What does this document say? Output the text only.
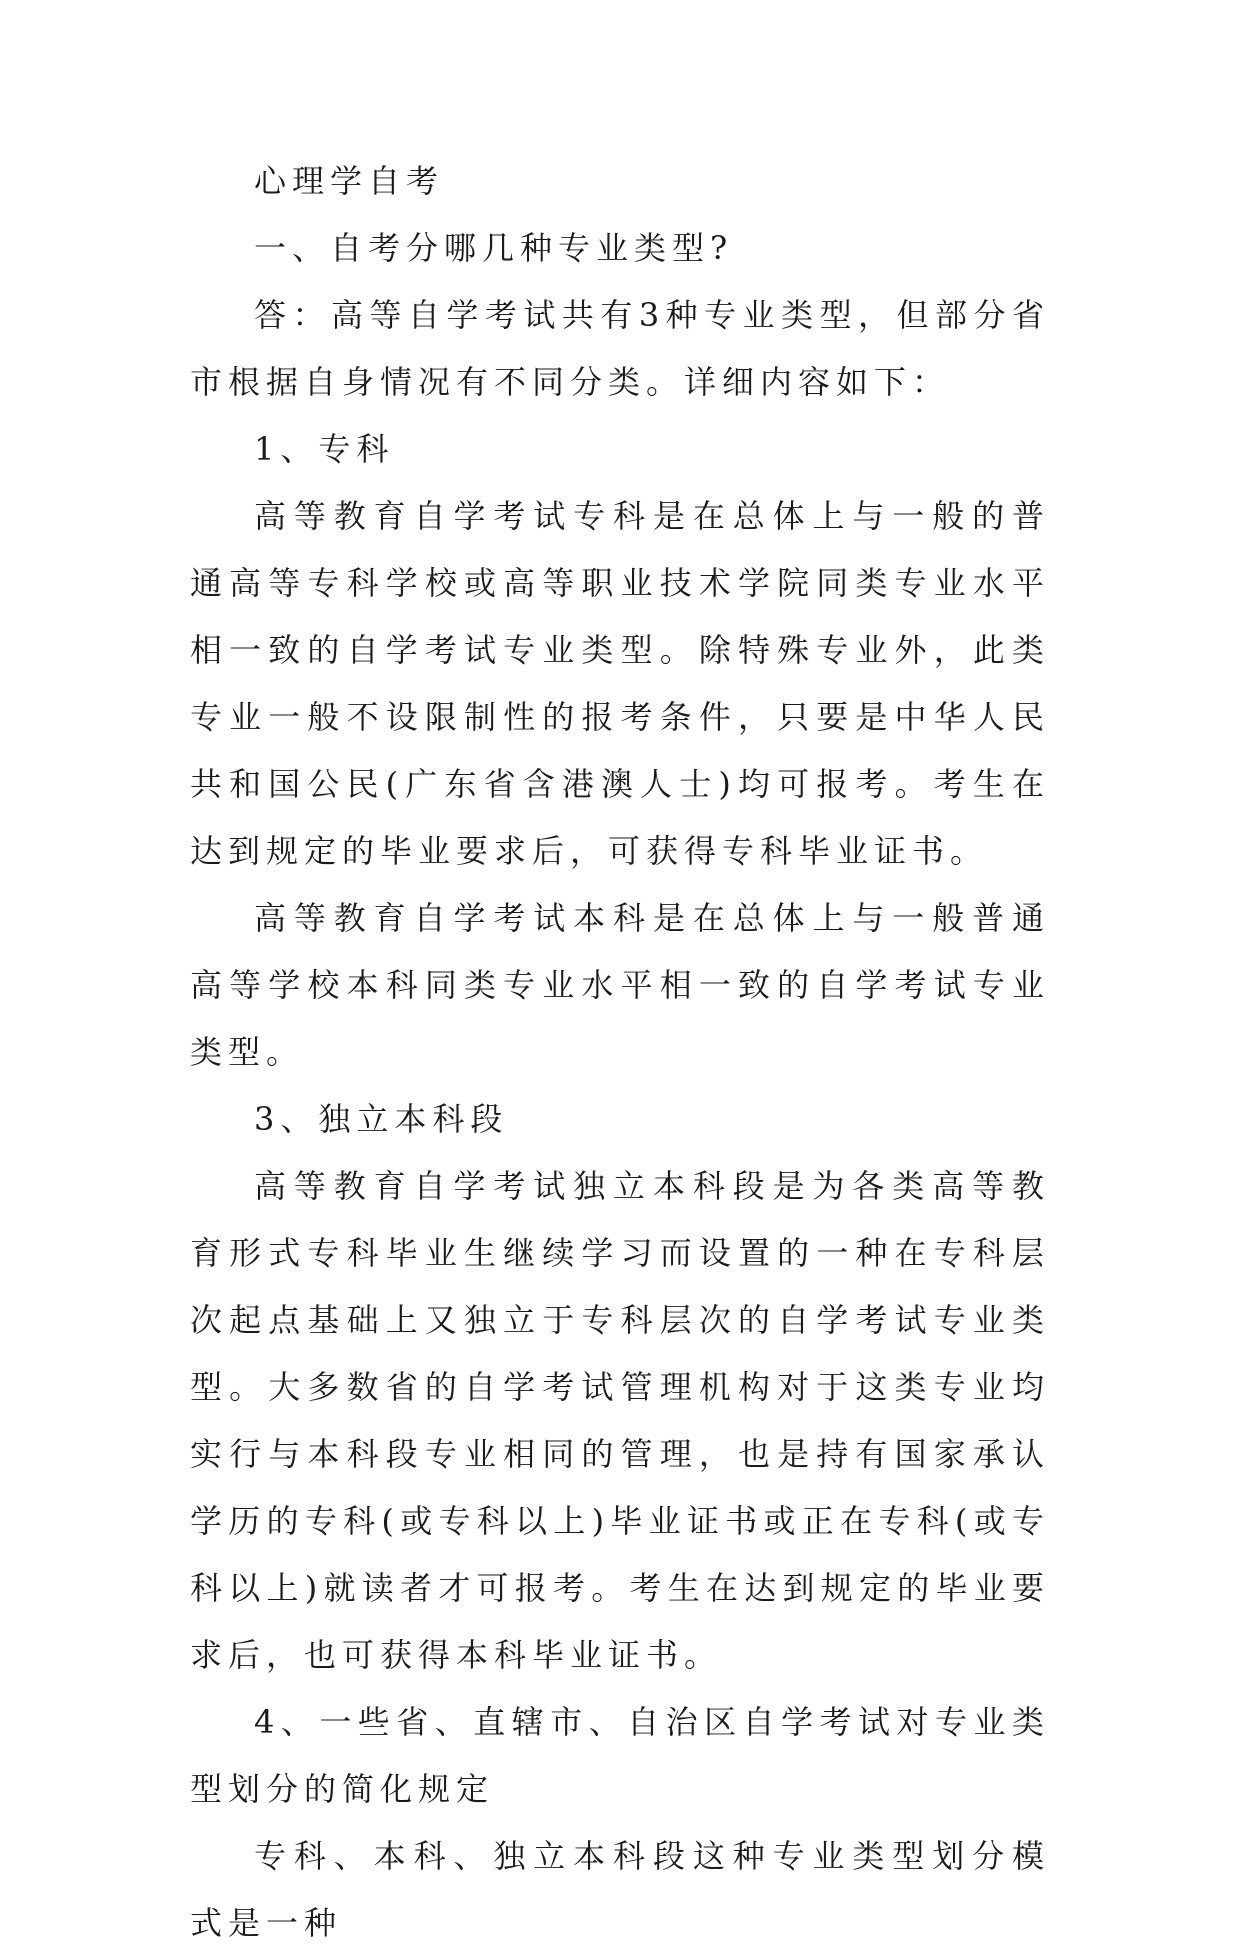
心理学自考

一、自考分哪几种专业类型?

答：高等自学考试共有3种专业类型，但部分省市根据自身情况有不同分类。详细内容如下：

1、专科

高等教育自学考试专科是在总体上与一般的普通高等专科学校或高等职业技术学院同类专业水平相一致的自学考试专业类型。除特殊专业外，此类专业一般不设限制性的报考条件，只要是中华人民共和国公民(广东省含港澳人士)均可报考。考生在达到规定的毕业要求后，可获得专科毕业证书。

高等教育自学考试本科是在总体上与一般普通高等学校本科同类专业水平相一致的自学考试专业类型。

3、独立本科段

高等教育自学考试独立本科段是为各类高等教育形式专科毕业生继续学习而设置的一种在专科层次起点基础上又独立于专科层次的自学考试专业类型。大多数省的自学考试管理机构对于这类专业均实行与本科段专业相同的管理，也是持有国家承认学历的专科(或专科以上)毕业证书或正在专科(或专科以上)就读者才可报考。考生在达到规定的毕业要求后，也可获得本科毕业证书。

4、一些省、直辖市、自治区自学考试对专业类型划分的简化规定

专科、本科、独立本科段这种专业类型划分模式是一种
